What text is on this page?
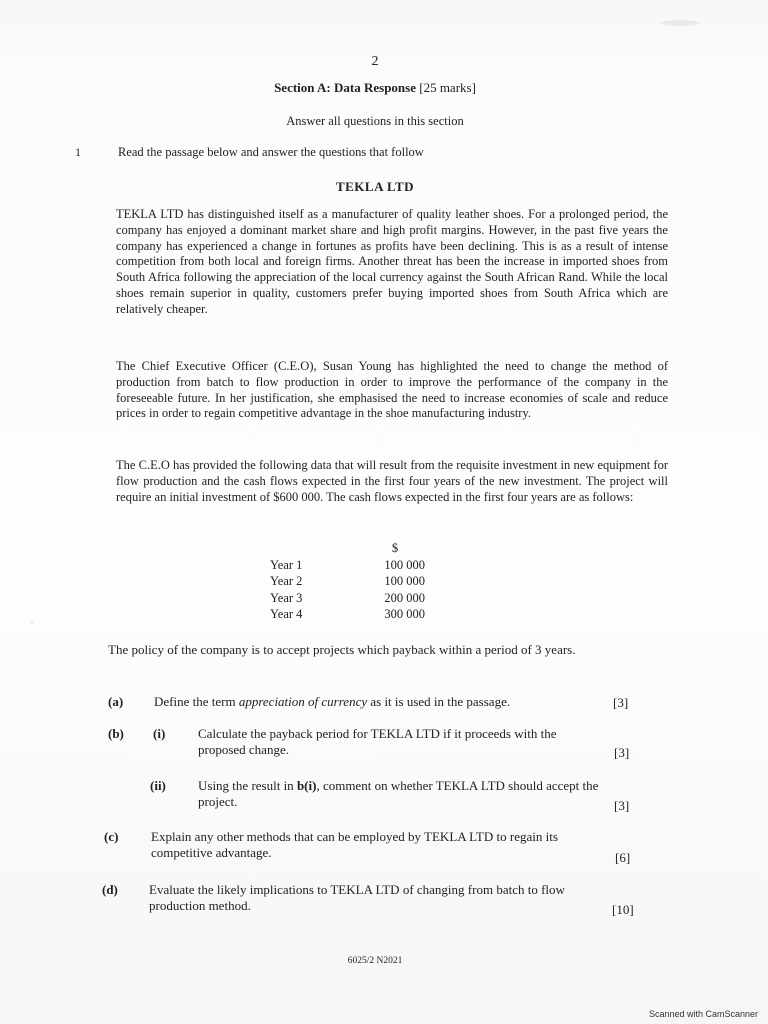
2
Section A: Data Response [25 marks]
Answer all questions in this section
1	Read the passage below and answer the questions that follow
TEKLA LTD

TEKLA LTD has distinguished itself as a manufacturer of quality leather shoes. For a prolonged period, the company has enjoyed a dominant market share and high profit margins. However, in the past five years the company has experienced a change in fortunes as profits have been declining. This is as a result of intense competition from both local and foreign firms. Another threat has been the increase in imported shoes from South Africa following the appreciation of the local currency against the South African Rand. While the local shoes remain superior in quality, customers prefer buying imported shoes from South Africa which are relatively cheaper.

The Chief Executive Officer (C.E.O), Susan Young has highlighted the need to change the method of production from batch to flow production in order to improve the performance of the company in the foreseeable future. In her justification, she emphasised the need to increase economies of scale and reduce prices in order to regain competitive advantage in the shoe manufacturing industry.

The C.E.O has provided the following data that will result from the requisite investment in new equipment for flow production and the cash flows expected in the first four years of the new investment. The project will require an initial investment of $600 000. The cash flows expected in the first four years are as follows:

	$
Year 1	100 000
Year 2	100 000
Year 3	200 000
Year 4	300 000
The policy of the company is to accept projects which payback within a period of 3 years.
(a) Define the term appreciation of currency as it is used in the passage.	[3]
(b) (i)	Calculate the payback period for TEKLA LTD if it proceeds with the proposed change.	[3]
(ii) Using the result in b(i), comment on whether TEKLA LTD should accept the project.	[3]
(c)	Explain any other methods that can be employed by TEKLA LTD to regain its competitive advantage.	[6]
(d) Evaluate the likely implications to TEKLA LTD of changing from batch to flow production method.	[10]
6025/2 N2021
Scanned with CamScanner
